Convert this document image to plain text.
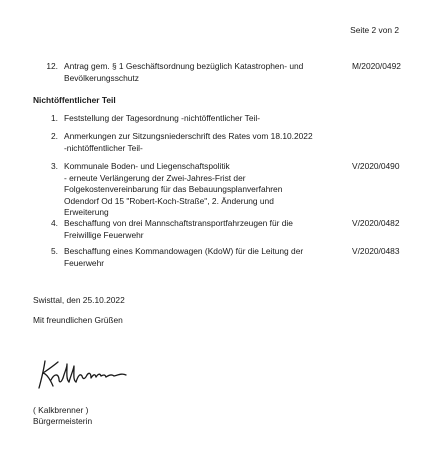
Seite 2 von 2
12. Antrag gem. § 1 Geschäftsordnung bezüglich Katastrophen- und
Bevölkerungsschutz
M/2020/0492
Nichtöffentlicher Teil
1. Feststellung der Tagesordnung -nichtöffentlicher Teil-
2. Anmerkungen zur Sitzungsniederschrift des Rates vom 18.10.2022
-nichtöffentlicher Teil-
3. Kommunale Boden- und Liegenschaftspolitik
- erneute Verlängerung der Zwei-Jahres-Frist der
Folgekostenvereinbarung für das Bebauungsplanverfahren
Odendorf Od 15 "Robert-Koch-Straße", 2. Änderung und
Erweiterung
V/2020/0490
4. Beschaffung von drei Mannschaftstransportfahrzeugen für die
Freiwillige Feuerwehr
V/2020/0482
5. Beschaffung eines Kommandowagen (KdoW) für die Leitung der
Feuerwehr
V/2020/0483
Swisttal, den 25.10.2022
Mit freundlichen Grüßen
( Kalkbrenner )
Bürgermeisterin
